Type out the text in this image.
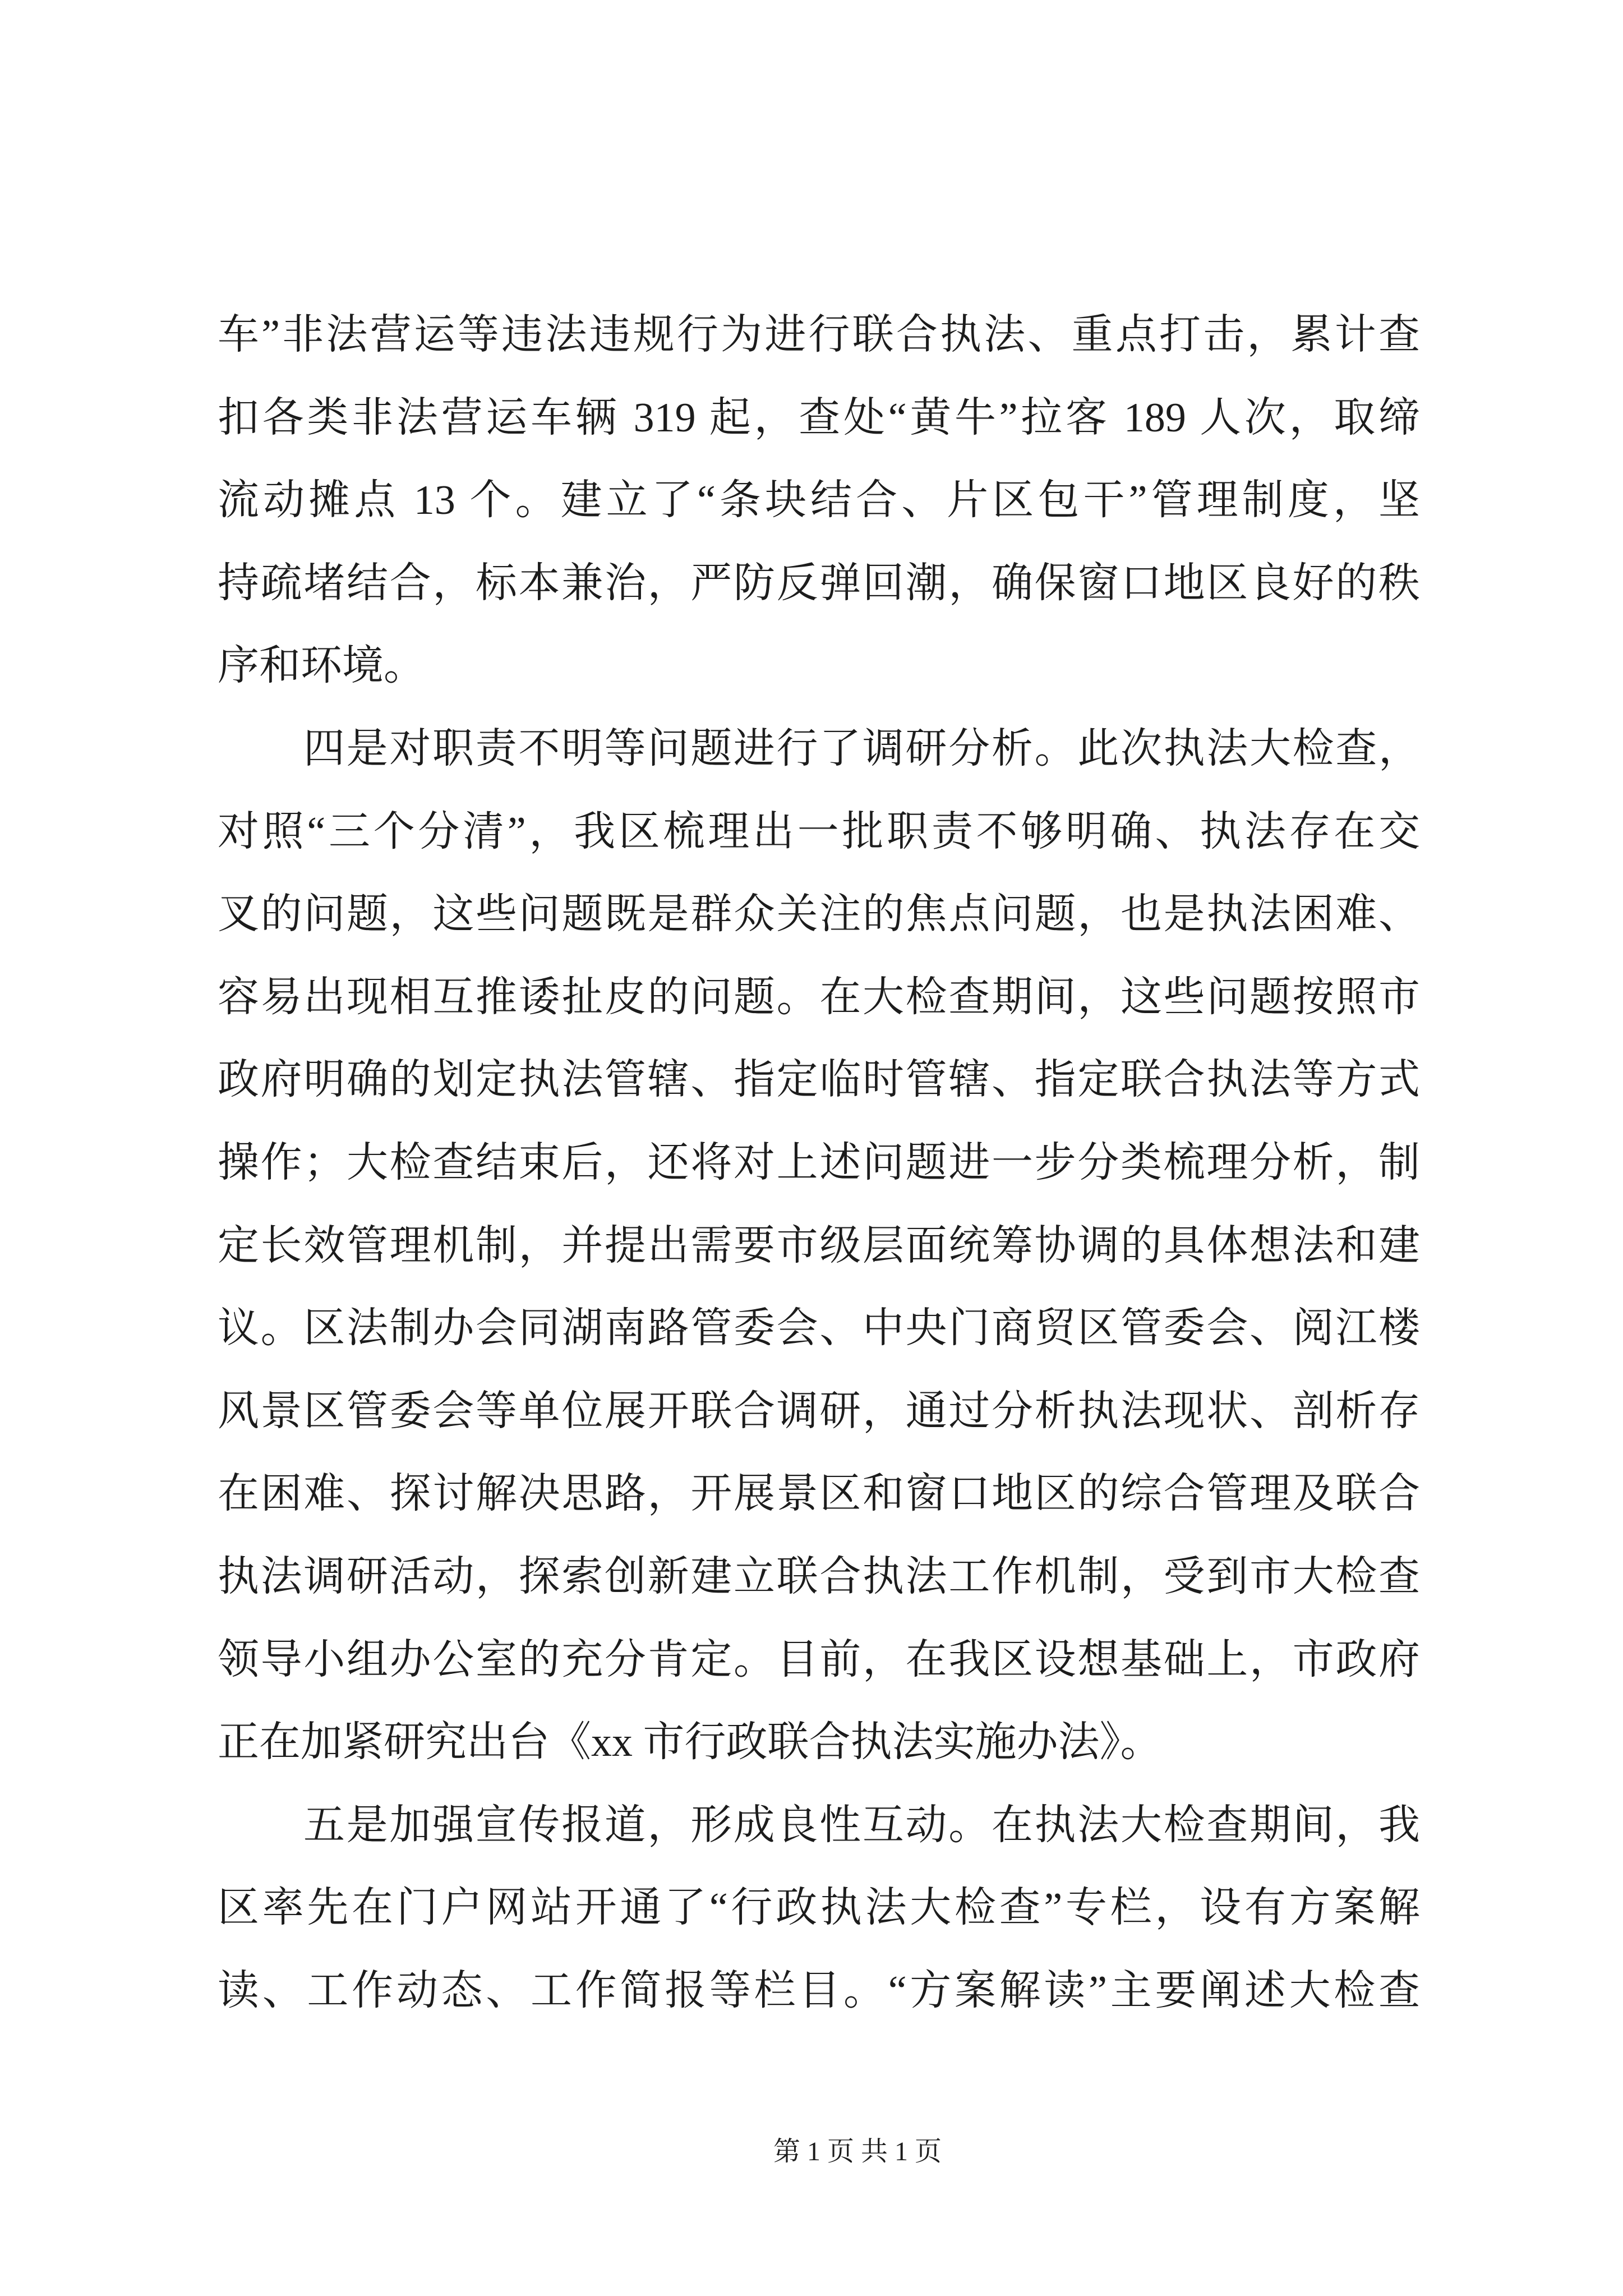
车”非法营运等违法违规行为进行联合执法、重点打击，累计查
扣各类非法营运车辆 319 起，查处“黄牛”拉客 189 人次，取缔
流动摊点 13 个。建立了“条块结合、片区包干”管理制度，坚
持疏堵结合，标本兼治，严防反弹回潮，确保窗口地区良好的秩
序和环境。
四是对职责不明等问题进行了调研分析。此次执法大检查，
对照“三个分清”，我区梳理出一批职责不够明确、执法存在交
叉的问题，这些问题既是群众关注的焦点问题，也是执法困难、
容易出现相互推诿扯皮的问题。在大检查期间，这些问题按照市
政府明确的划定执法管辖、指定临时管辖、指定联合执法等方式
操作；大检查结束后，还将对上述问题进一步分类梳理分析，制
定长效管理机制，并提出需要市级层面统筹协调的具体想法和建
议。区法制办会同湖南路管委会、中央门商贸区管委会、阅江楼
风景区管委会等单位展开联合调研，通过分析执法现状、剖析存
在困难、探讨解决思路，开展景区和窗口地区的综合管理及联合
执法调研活动，探索创新建立联合执法工作机制，受到市大检查
领导小组办公室的充分肯定。目前，在我区设想基础上，市政府
正在加紧研究出台《xx 市行政联合执法实施办法》。
五是加强宣传报道，形成良性互动。在执法大检查期间，我
区率先在门户网站开通了“行政执法大检查”专栏，设有方案解
读、工作动态、工作简报等栏目。“方案解读”主要阐述大检查
第 1 页 共 1 页
